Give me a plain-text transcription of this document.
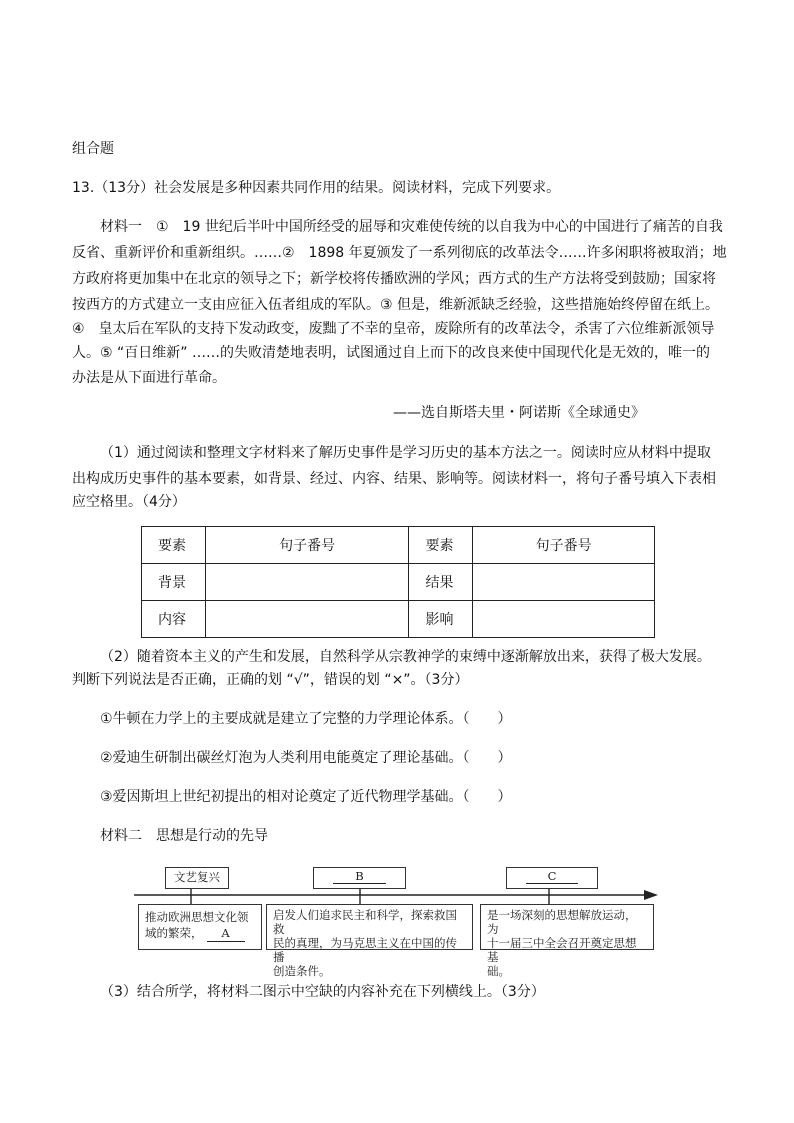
组合题
13.（13分）社会发展是多种因素共同作用的结果。阅读材料，完成下列要求。
材料一　①　19 世纪后半叶中国所经受的屈辱和灾难使传统的以自我为中心的中国进行了痛苦的自我
反省、重新评价和重新组织。……②　1898 年夏颁发了一系列彻底的改革法令……许多闲职将被取消；地
方政府将更加集中在北京的领导之下；新学校将传播欧洲的学风；西方式的生产方法将受到鼓励；国家将
按西方的方式建立一支由应征入伍者组成的军队。③ 但是，维新派缺乏经验，这些措施始终停留在纸上。
④　皇太后在军队的支持下发动政变，废黜了不幸的皇帝，废除所有的改革法令，杀害了六位维新派领导
人。⑤ “百日维新” ……的失败清楚地表明，试图通过自上而下的改良来使中国现代化是无效的，唯一的
办法是从下面进行革命。
——选自斯塔夫里・阿诺斯《全球通史》
（1）通过阅读和整理文字材料来了解历史事件是学习历史的基本方法之一。阅读时应从材料中提取
出构成历史事件的基本要素，如背景、经过、内容、结果、影响等。阅读材料一，将句子番号填入下表相
应空格里。（4分）
要素	句子番号	要素	句子番号
背景		结果	
内容		影响	
（2）随着资本主义的产生和发展，自然科学从宗教神学的束缚中逐渐解放出来，获得了极大发展。
判断下列说法是否正确，正确的划 “√”，错误的划 “×”。（3分）
①牛顿在力学上的主要成就是建立了完整的力学理论体系。（　　）
②爱迪生研制出碳丝灯泡为人类利用电能奠定了理论基础。（　　）
③爱因斯坦上世纪初提出的相对论奠定了近代物理学基础。（　　）
材料二　思想是行动的先导
文艺复兴	B	C
推动欧洲思想文化领
域的繁荣， A
启发人们追求民主和科学，探索救国救
民的真理，为马克思主义在中国的传播
创造条件。
是一场深刻的思想解放运动，为
十一届三中全会召开奠定思想基
础。
（3）结合所学，将材料二图示中空缺的内容补充在下列横线上。（3分）
